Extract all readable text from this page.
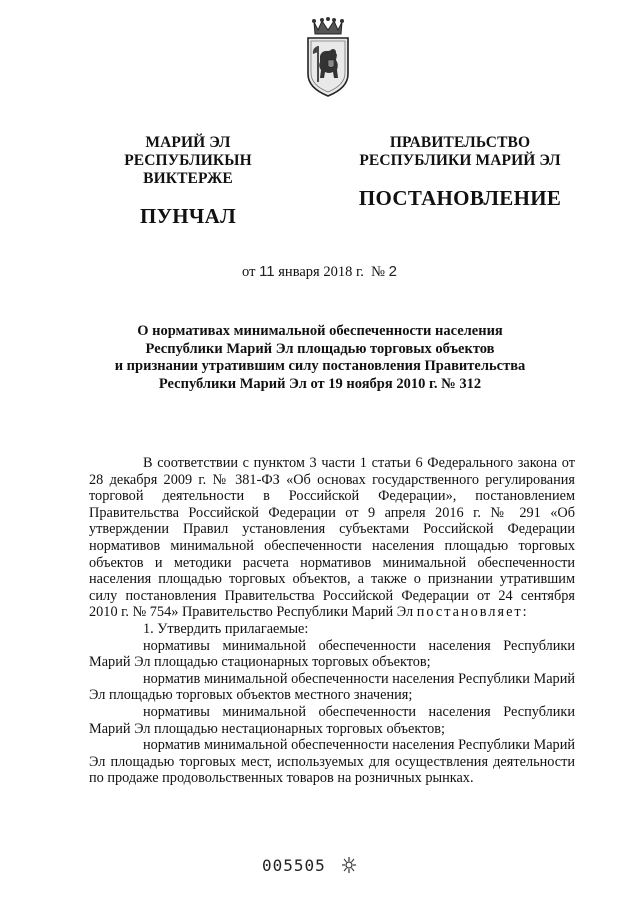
МАРИЙ ЭЛ РЕСПУБЛИКЫН
ВИКТЕРЖЕ
ПУНЧАЛ
ПРАВИТЕЛЬСТВО
РЕСПУБЛИКИ МАРИЙ ЭЛ
ПОСТАНОВЛЕНИЕ
от 11 января 2018 г. № 2
О нормативах минимальной обеспеченности населения
Республики Марий Эл площадью торговых объектов
и признании утратившим силу постановления Правительства
Республики Марий Эл от 19 ноября 2010 г. № 312

В соответствии с пунктом 3 части 1 статьи 6 Федерального закона от 28 декабря 2009 г. № 381-ФЗ «Об основах государственного регулирования торговой деятельности в Российской Федерации», постановлением Правительства Российской Федерации от 9 апреля 2016 г. № 291 «Об утверждении Правил установления субъектами Российской Федерации нормативов минимальной обеспеченности населения площадью торговых объектов и методики расчета нормативов минимальной обеспеченности населения площадью торговых объектов, а также о признании утратившим силу постановления Правительства Российской Федерации от 24 сентября 2010 г. № 754» Правительство Республики Марий Эл постановляет:

1. Утвердить прилагаемые:

нормативы минимальной обеспеченности населения Республики Марий Эл площадью стационарных торговых объектов;

норматив минимальной обеспеченности населения Республики Марий Эл площадью торговых объектов местного значения;

нормативы минимальной обеспеченности населения Республики Марий Эл площадью нестационарных торговых объектов;

норматив минимальной обеспеченности населения Республики Марий Эл площадью торговых мест, используемых для осуществления деятельности по продаже продовольственных товаров на розничных рынках.

005505
